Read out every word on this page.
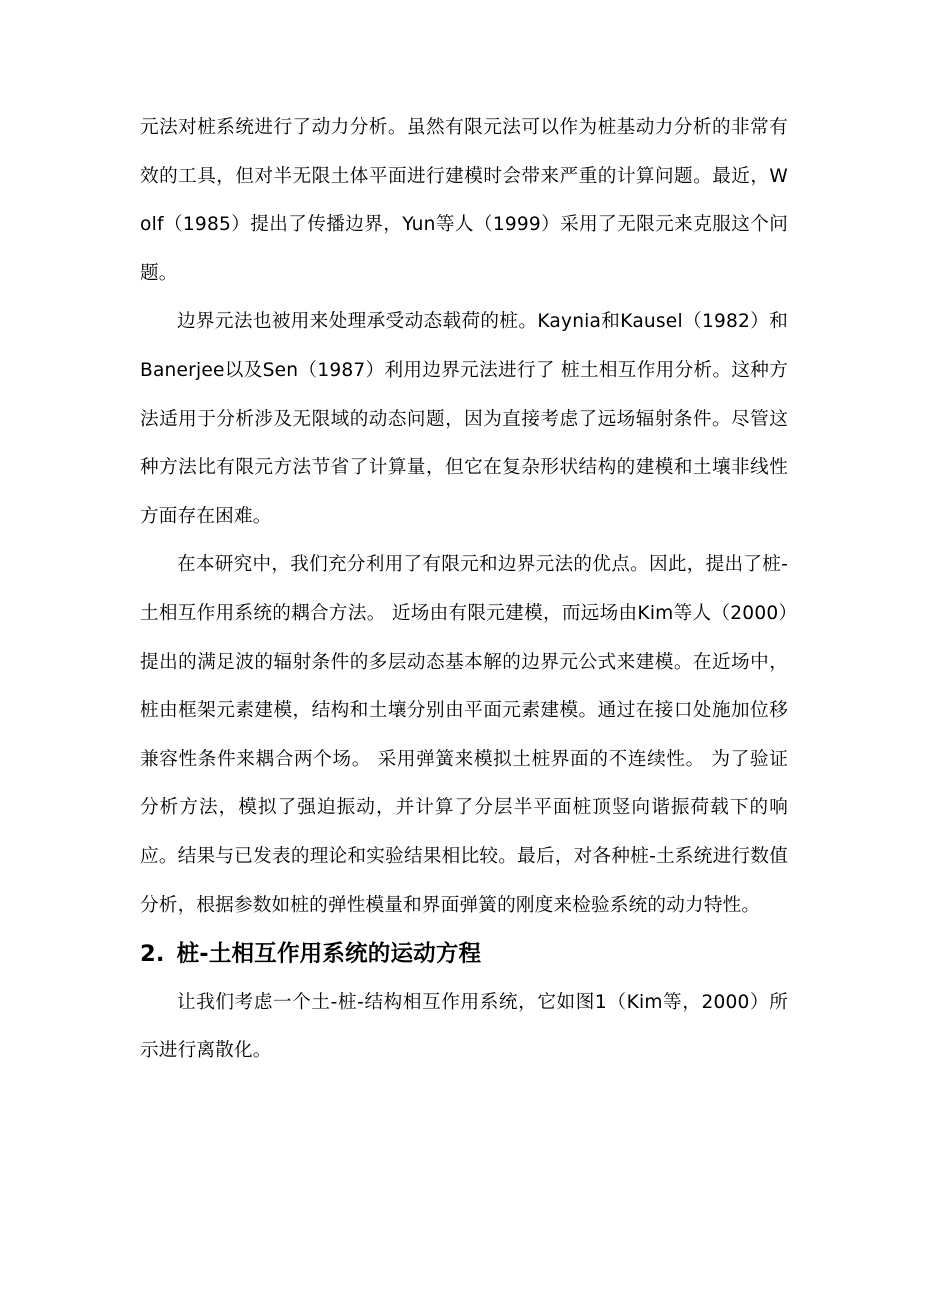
元法对桩系统进行了动力分析。虽然有限元法可以作为桩基动力分析的非常有效的工具，但对半无限土体平面进行建模时会带来严重的计算问题。最近，Wolf（1985）提出了传播边界，Yun等人（1999）采用了无限元来克服这个问题。

边界元法也被用来处理承受动态载荷的桩。Kaynia和Kausel（1982）和Banerjee以及Sen（1987）利用边界元法进行了 桩土相互作用分析。这种方法适用于分析涉及无限域的动态问题，因为直接考虑了远场辐射条件。尽管这种方法比有限元方法节省了计算量，但它在复杂形状结构的建模和土壤非线性方面存在困难。

在本研究中，我们充分利用了有限元和边界元法的优点。因此，提出了桩-土相互作用系统的耦合方法。 近场由有限元建模，而远场由Kim等人（2000）提出的满足波的辐射条件的多层动态基本解的边界元公式来建模。在近场中，桩由框架元素建模，结构和土壤分别由平面元素建模。通过在接口处施加位移兼容性条件来耦合两个场。 采用弹簧来模拟土桩界面的不连续性。 为了验证分析方法，模拟了强迫振动，并计算了分层半平面桩顶竖向谐振荷载下的响应。结果与已发表的理论和实验结果相比较。最后，对各种桩-土系统进行数值分析，根据参数如桩的弹性模量和界面弹簧的刚度来检验系统的动力特性。

2. 桩-土相互作用系统的运动方程

让我们考虑一个土-桩-结构相互作用系统，它如图1（Kim等，2000）所示进行离散化。
